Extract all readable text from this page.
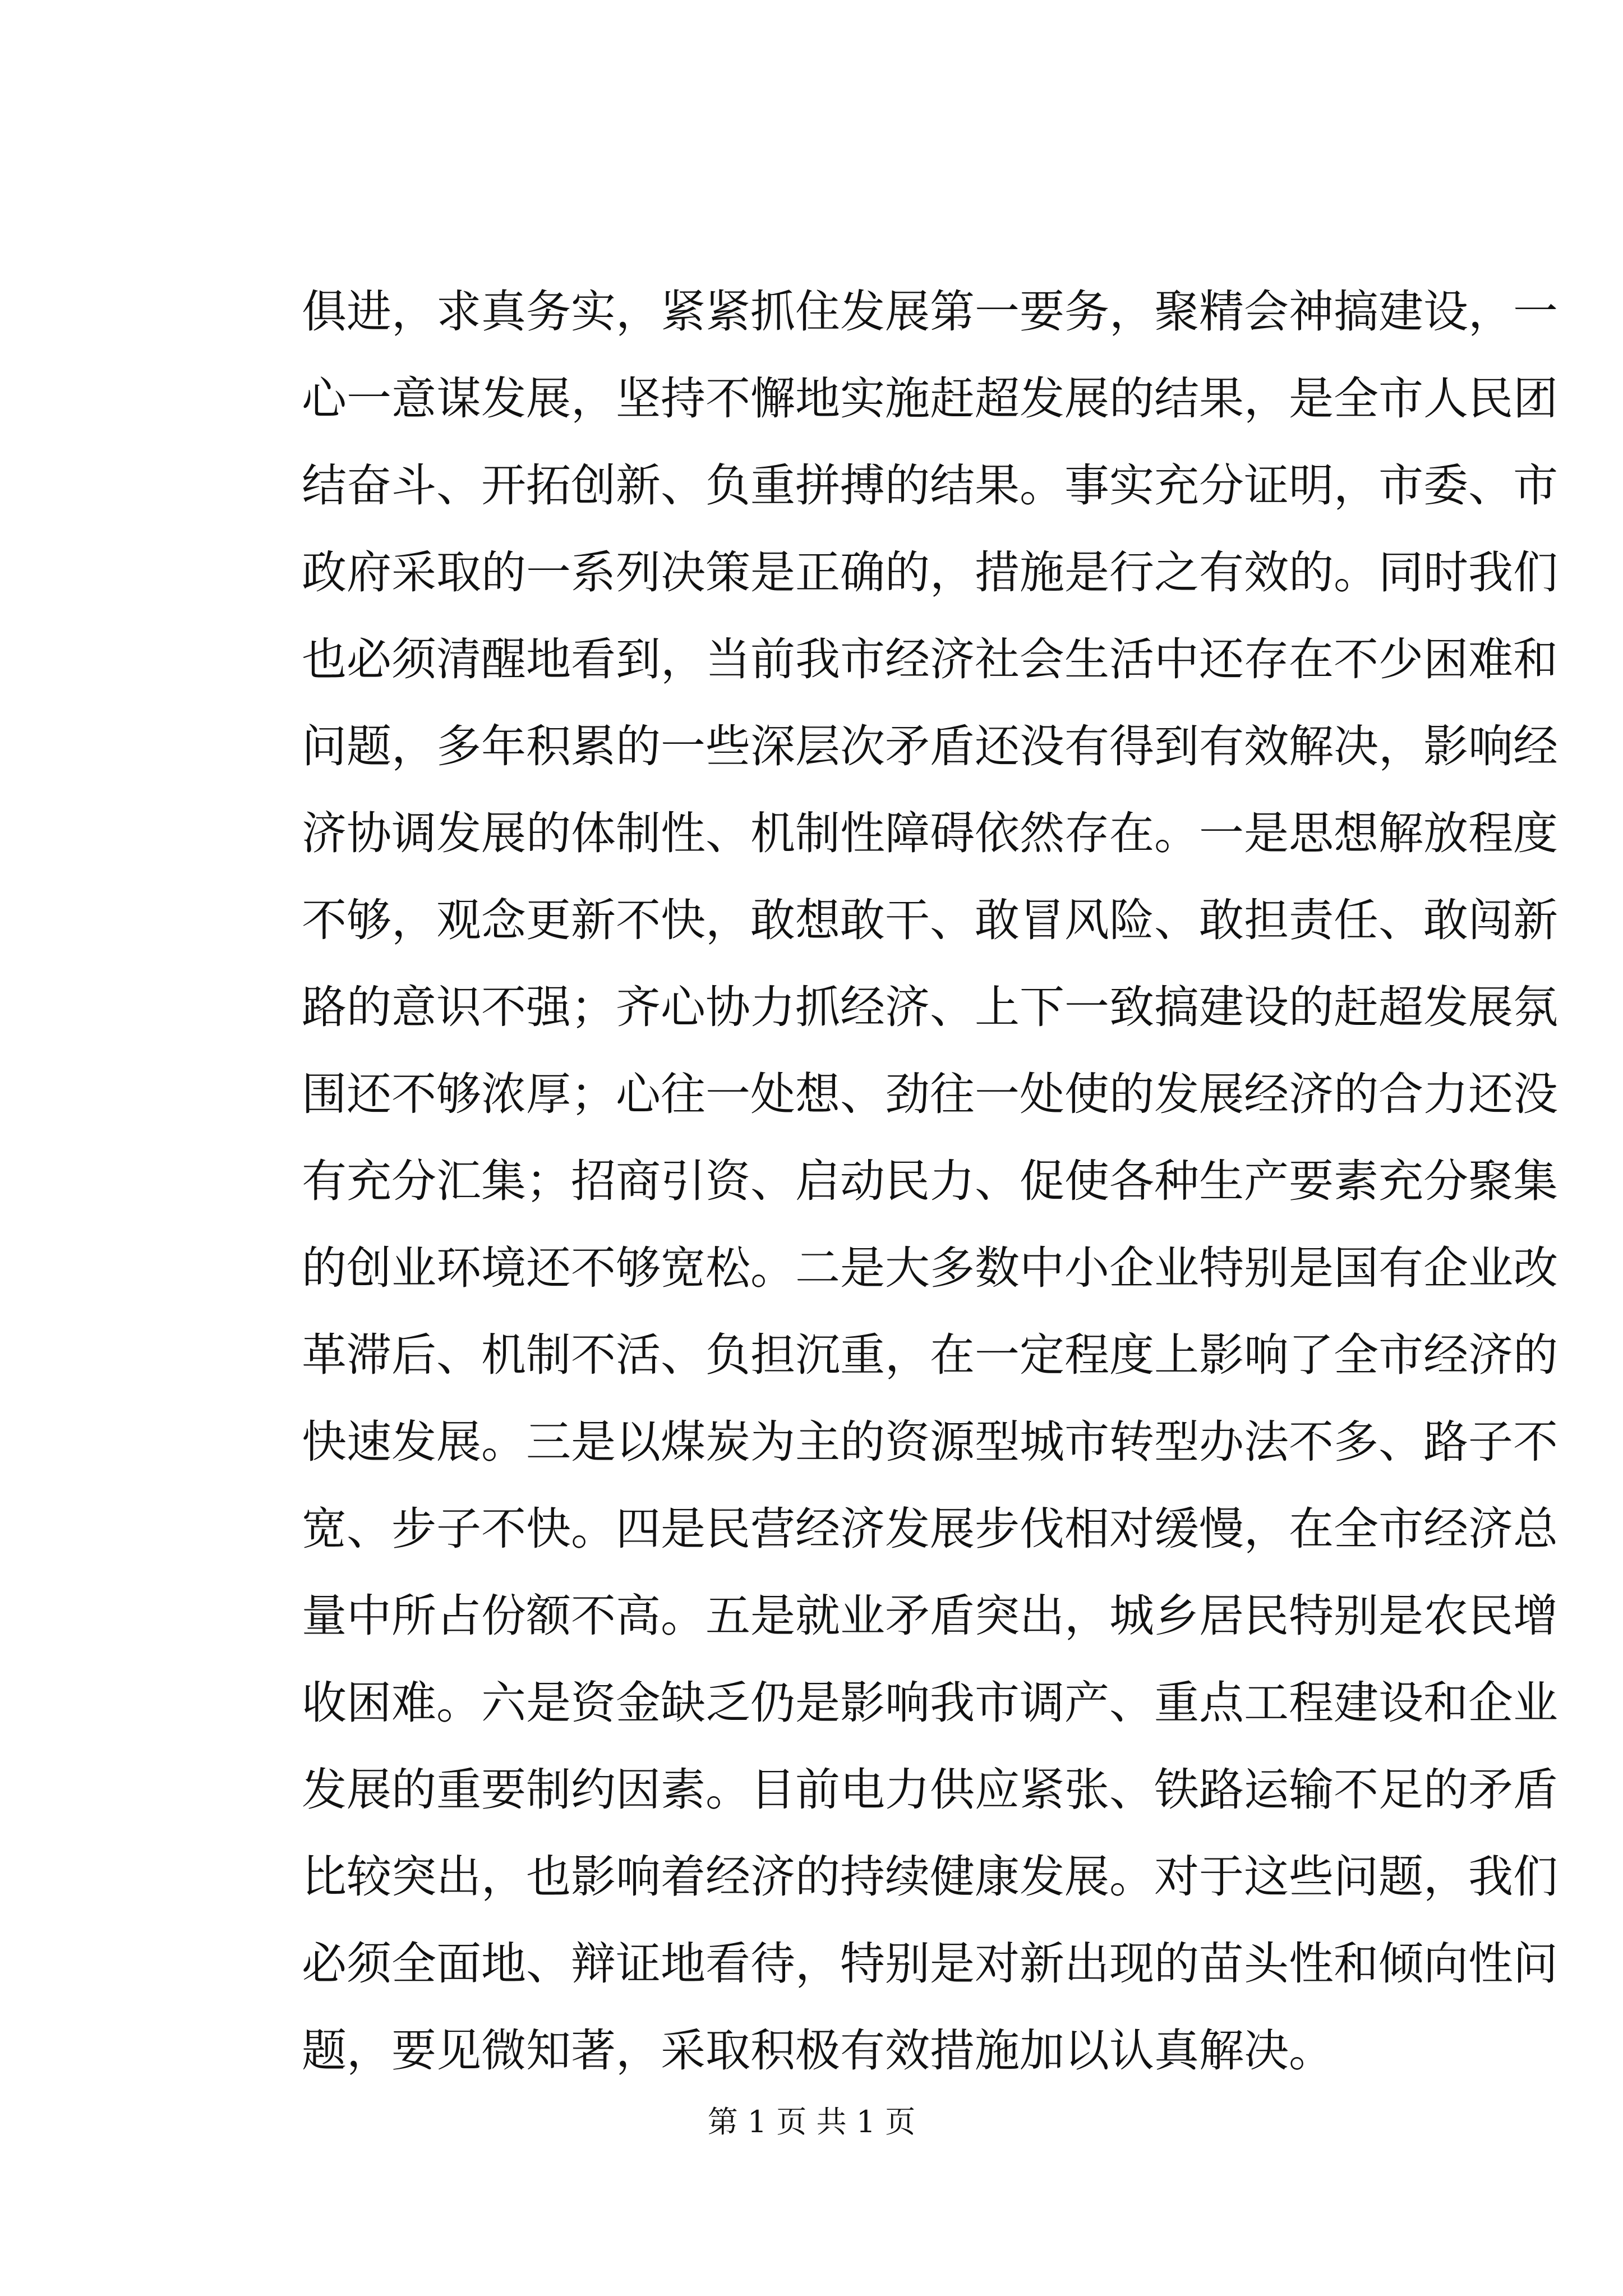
俱进，求真务实，紧紧抓住发展第一要务，聚精会神搞建设，一
心一意谋发展，坚持不懈地实施赶超发展的结果，是全市人民团
结奋斗、开拓创新、负重拼搏的结果。事实充分证明，市委、市
政府采取的一系列决策是正确的，措施是行之有效的。同时我们
也必须清醒地看到，当前我市经济社会生活中还存在不少困难和
问题，多年积累的一些深层次矛盾还没有得到有效解决，影响经
济协调发展的体制性、机制性障碍依然存在。一是思想解放程度
不够，观念更新不快，敢想敢干、敢冒风险、敢担责任、敢闯新
路的意识不强；齐心协力抓经济、上下一致搞建设的赶超发展氛
围还不够浓厚；心往一处想、劲往一处使的发展经济的合力还没
有充分汇集；招商引资、启动民力、促使各种生产要素充分聚集
的创业环境还不够宽松。二是大多数中小企业特别是国有企业改
革滞后、机制不活、负担沉重，在一定程度上影响了全市经济的
快速发展。三是以煤炭为主的资源型城市转型办法不多、路子不
宽、步子不快。四是民营经济发展步伐相对缓慢，在全市经济总
量中所占份额不高。五是就业矛盾突出，城乡居民特别是农民增
收困难。六是资金缺乏仍是影响我市调产、重点工程建设和企业
发展的重要制约因素。目前电力供应紧张、铁路运输不足的矛盾
比较突出，也影响着经济的持续健康发展。对于这些问题，我们
必须全面地、辩证地看待，特别是对新出现的苗头性和倾向性问
题，要见微知著，采取积极有效措施加以认真解决。
第 1 页 共 1 页
